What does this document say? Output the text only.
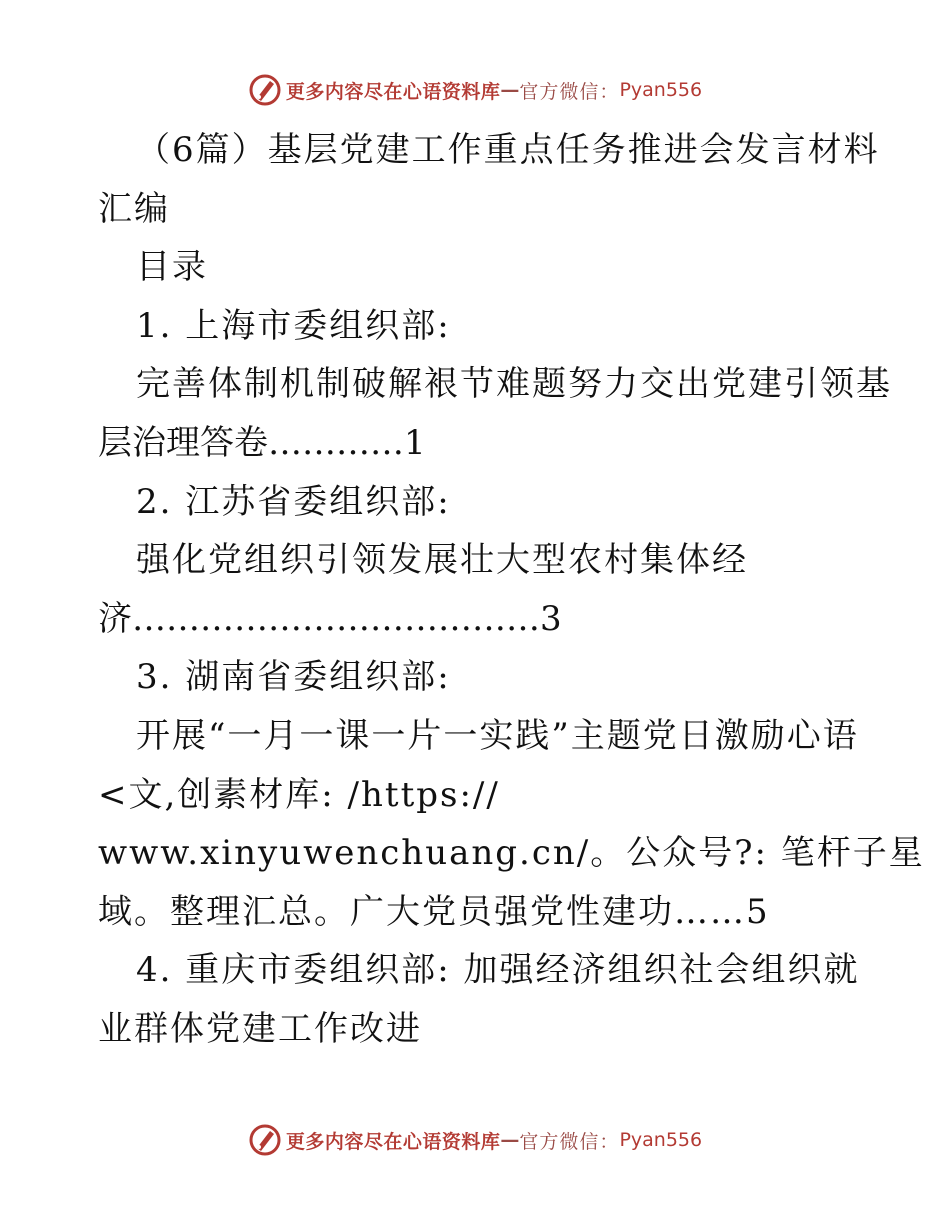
更多内容尽在心语资料库 — 官方微信： Pyan556
（6篇）基层党建工作重点任务推进会发言材料
汇编
目录
1. 上海市委组织部:
完善体制机制破解裉节难题努力交出党建引领基
层治理答卷…………1
2. 江苏省委组织部:
强化党组织引领发展壮大型农村集体经
济………………………………3
3. 湖南省委组织部:
开展“一月一课一片一实践”主题党日激励心语
<文,创素材库: /https://
www.xinyuwenchuang.cn/。公众号?: 笔杆子星
域。整理汇总。广大党员强党性建功……5
4. 重庆市委组织部: 加强经济组织社会组织就
业群体党建工作改进
更多内容尽在心语资料库 — 官方微信： Pyan556
